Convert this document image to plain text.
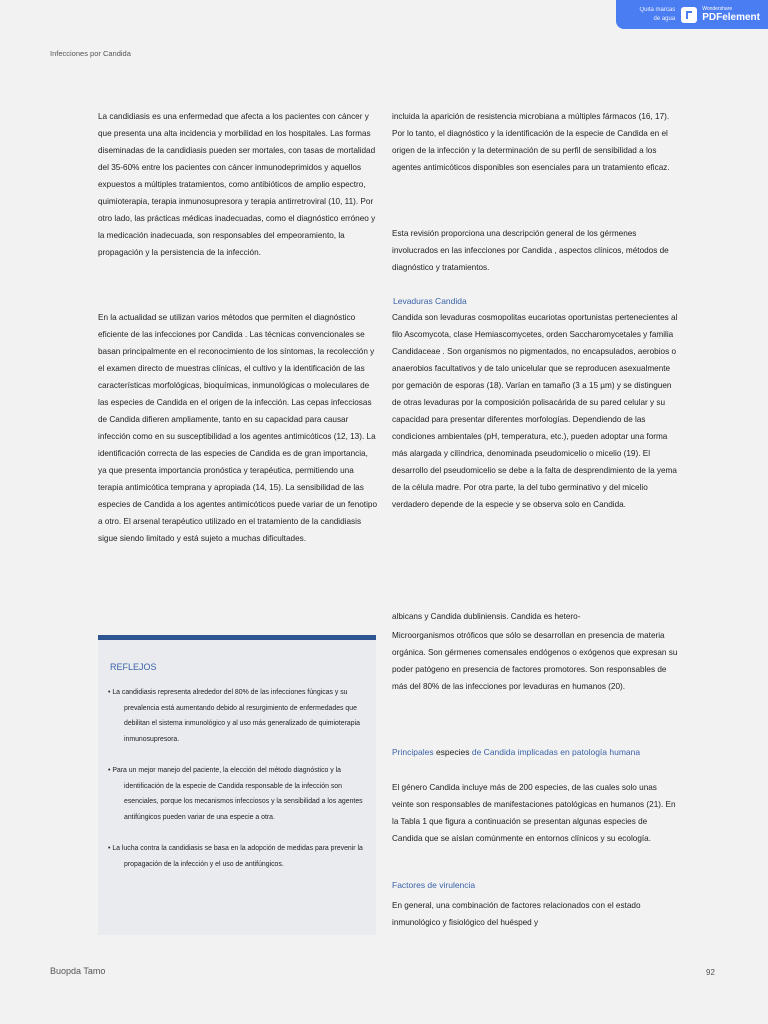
Quita marcas
de agua
Wondershare
PDFelement
Infecciones por Candida

La candidiasis es una enfermedad que afecta a los pacientes con cáncer y que presenta una alta incidencia y morbilidad en los hospitales. Las formas diseminadas de la candidiasis pueden ser mortales, con tasas de mortalidad del 35-60% entre los pacientes con cáncer inmunodeprimidos y aquellos expuestos a múltiples tratamientos, como antibióticos de amplio espectro, quimioterapia, terapia inmunosupresora y terapia antirretroviral (10, 11). Por otro lado, las prácticas médicas inadecuadas, como el diagnóstico erróneo y la medicación inadecuada, son responsables del empeoramiento, la propagación y la persistencia de la infección.

En la actualidad se utilizan varios métodos que permiten el diagnóstico eficiente de las infecciones por Candida . Las técnicas convencionales se basan principalmente en el reconocimiento de los síntomas, la recolección y el examen directo de muestras clínicas, el cultivo y la identificación de las características morfológicas, bioquímicas, inmunológicas o moleculares de las especies de Candida en el origen de la infección. Las cepas infecciosas de Candida difieren ampliamente, tanto en su capacidad para causar infección como en su susceptibilidad a los agentes antimicóticos (12, 13). La identificación correcta de las especies de Candida es de gran importancia, ya que presenta importancia pronóstica y terapéutica, permitiendo una terapia antimicótica temprana y apropiada (14, 15). La sensibilidad de las especies de Candida a los agentes antimicóticos puede variar de un fenotipo a otro. El arsenal terapéutico utilizado en el tratamiento de la candidiasis sigue siendo limitado y está sujeto a muchas dificultades.

REFLEJOS
• La candidiasis representa alrededor del 80% de las infecciones fúngicas y su prevalencia está aumentando debido al resurgimiento de enfermedades que debilitan el sistema inmunológico y al uso más generalizado de quimioterapia inmunosupresora.
• Para un mejor manejo del paciente, la elección del método diagnóstico y la identificación de la especie de Candida responsable de la infección son esenciales, porque los mecanismos infecciosos y la sensibilidad a los agentes antifúngicos pueden variar de una especie a otra.
• La lucha contra la candidiasis se basa en la adopción de medidas para prevenir la propagación de la infección y el uso de antifúngicos.

incluida la aparición de resistencia microbiana a múltiples fármacos (16, 17). Por lo tanto, el diagnóstico y la identificación de la especie de Candida en el origen de la infección y la determinación de su perfil de sensibilidad a los agentes antimicóticos disponibles son esenciales para un tratamiento eficaz.

Esta revisión proporciona una descripción general de los gérmenes involucrados en las infecciones por Candida , aspectos clínicos, métodos de diagnóstico y tratamientos.

Levaduras Candida

Candida son levaduras cosmopolitas eucariotas oportunistas pertenecientes al filo Ascomycota, clase Hemiascomycetes, orden Saccharomycetales y familia Candidaceae . Son organismos no pigmentados, no encapsulados, aerobios o anaerobios facultativos y de talo unicelular que se reproducen asexualmente por gemación de esporas (18). Varían en tamaño (3 a 15 µm) y se distinguen de otras levaduras por la composición polisacárida de su pared celular y su capacidad para presentar diferentes morfologías. Dependiendo de las condiciones ambientales (pH, temperatura, etc.), pueden adoptar una forma más alargada y cilíndrica, denominada pseudomicelio o micelio (19). El desarrollo del pseudomicelio se debe a la falta de desprendimiento de la yema de la célula madre. Por otra parte, la del tubo germinativo y del micelio verdadero depende de la especie y se observa solo en Candida.

albicans y Candida dubliniensis. Candida es hetero-

Microorganismos otróficos que sólo se desarrollan en presencia de materia orgánica. Son gérmenes comensales endógenos o exógenos que expresan su poder patógeno en presencia de factores promotores. Son responsables de más del 80% de las infecciones por levaduras en humanos (20).

Principales especies de Candida implicadas en patología humana

El género Candida incluye más de 200 especies, de las cuales solo unas veinte son responsables de manifestaciones patológicas en humanos (21). En la Tabla 1 que figura a continuación se presentan algunas especies de Candida que se aíslan comúnmente en entornos clínicos y su ecología.

Factores de virulencia

En general, una combinación de factores relacionados con el estado inmunológico y fisiológico del huésped y

Buopda Tamo	92
